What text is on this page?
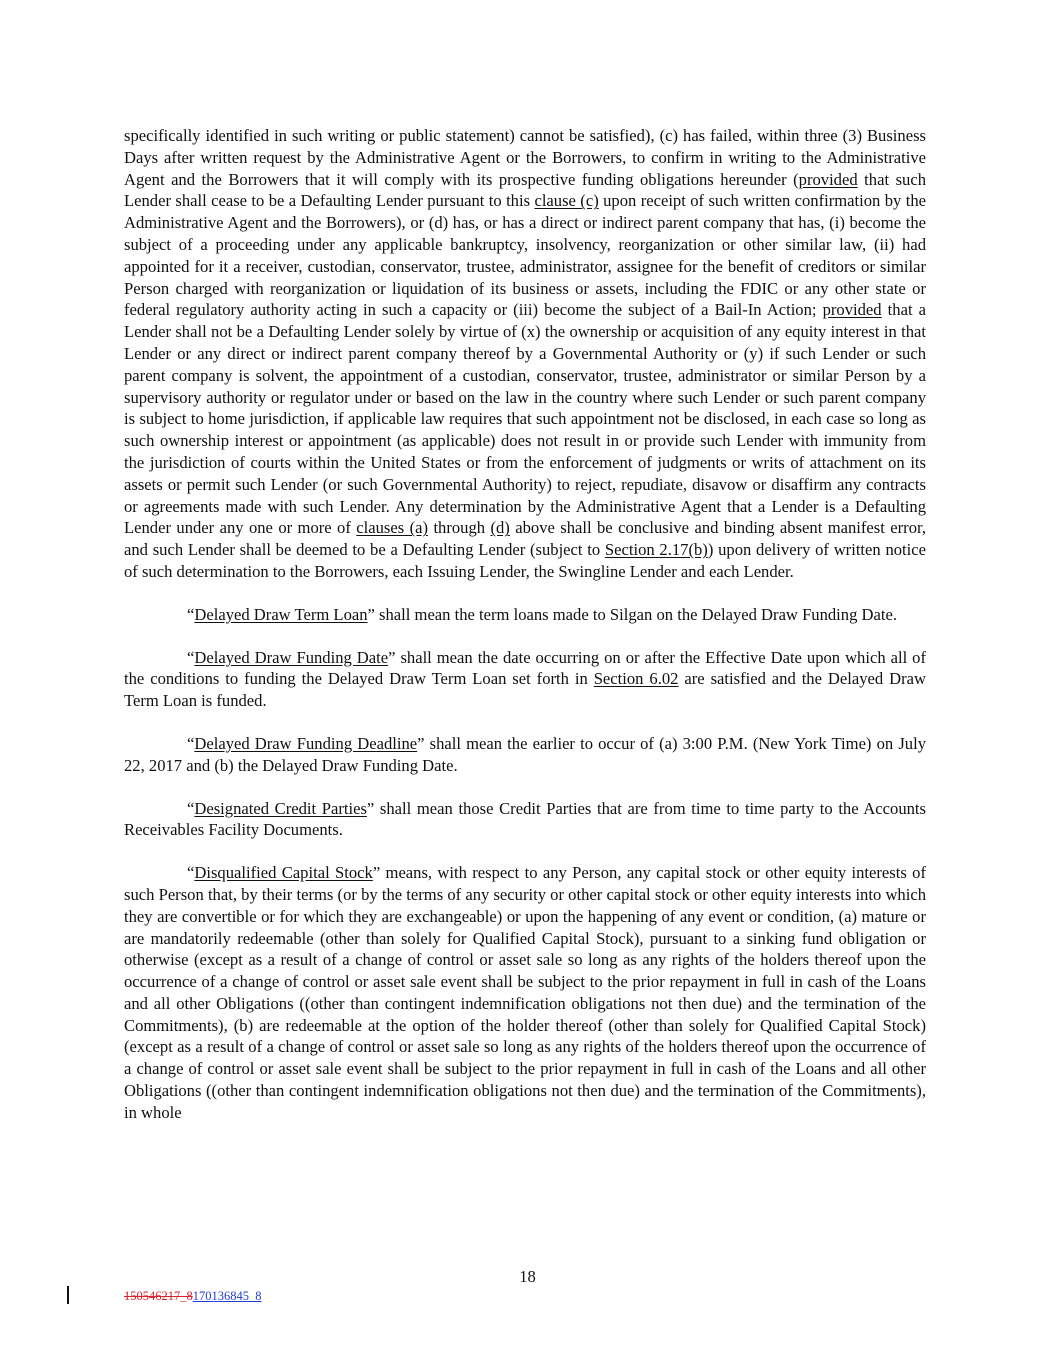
specifically identified in such writing or public statement) cannot be satisfied), (c) has failed, within three (3) Business Days after written request by the Administrative Agent or the Borrowers, to confirm in writing to the Administrative Agent and the Borrowers that it will comply with its prospective funding obligations hereunder (provided that such Lender shall cease to be a Defaulting Lender pursuant to this clause (c) upon receipt of such written confirmation by the Administrative Agent and the Borrowers), or (d) has, or has a direct or indirect parent company that has, (i) become the subject of a proceeding under any applicable bankruptcy, insolvency, reorganization or other similar law, (ii) had appointed for it a receiver, custodian, conservator, trustee, administrator, assignee for the benefit of creditors or similar Person charged with reorganization or liquidation of its business or assets, including the FDIC or any other state or federal regulatory authority acting in such a capacity or (iii) become the subject of a Bail-In Action; provided that a Lender shall not be a Defaulting Lender solely by virtue of (x) the ownership or acquisition of any equity interest in that Lender or any direct or indirect parent company thereof by a Governmental Authority or (y) if such Lender or such parent company is solvent, the appointment of a custodian, conservator, trustee, administrator or similar Person by a supervisory authority or regulator under or based on the law in the country where such Lender or such parent company is subject to home jurisdiction, if applicable law requires that such appointment not be disclosed, in each case so long as such ownership interest or appointment (as applicable) does not result in or provide such Lender with immunity from the jurisdiction of courts within the United States or from the enforcement of judgments or writs of attachment on its assets or permit such Lender (or such Governmental Authority) to reject, repudiate, disavow or disaffirm any contracts or agreements made with such Lender. Any determination by the Administrative Agent that a Lender is a Defaulting Lender under any one or more of clauses (a) through (d) above shall be conclusive and binding absent manifest error, and such Lender shall be deemed to be a Defaulting Lender (subject to Section 2.17(b)) upon delivery of written notice of such determination to the Borrowers, each Issuing Lender, the Swingline Lender and each Lender.

“Delayed Draw Term Loan” shall mean the term loans made to Silgan on the Delayed Draw Funding Date.

“Delayed Draw Funding Date” shall mean the date occurring on or after the Effective Date upon which all of the conditions to funding the Delayed Draw Term Loan set forth in Section 6.02 are satisfied and the Delayed Draw Term Loan is funded.

“Delayed Draw Funding Deadline” shall mean the earlier to occur of (a) 3:00 P.M. (New York Time) on July 22, 2017 and (b) the Delayed Draw Funding Date.

“Designated Credit Parties” shall mean those Credit Parties that are from time to time party to the Accounts Receivables Facility Documents.

“Disqualified Capital Stock” means, with respect to any Person, any capital stock or other equity interests of such Person that, by their terms (or by the terms of any security or other capital stock or other equity interests into which they are convertible or for which they are exchangeable) or upon the happening of any event or condition, (a) mature or are mandatorily redeemable (other than solely for Qualified Capital Stock), pursuant to a sinking fund obligation or otherwise (except as a result of a change of control or asset sale so long as any rights of the holders thereof upon the occurrence of a change of control or asset sale event shall be subject to the prior repayment in full in cash of the Loans and all other Obligations ((other than contingent indemnification obligations not then due) and the termination of the Commitments), (b) are redeemable at the option of the holder thereof (other than solely for Qualified Capital Stock) (except as a result of a change of control or asset sale so long as any rights of the holders thereof upon the occurrence of a change of control or asset sale event shall be subject to the prior repayment in full in cash of the Loans and all other Obligations ((other than contingent indemnification obligations not then due) and the termination of the Commitments), in whole

18
150546217_8170136845_8
